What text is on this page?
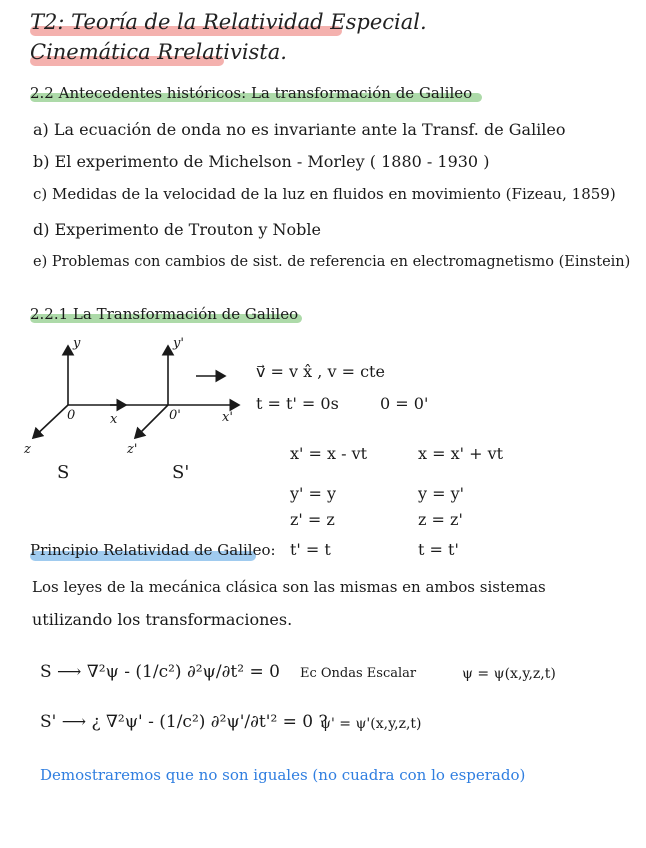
T2: Teoría de la Relatividad Especial.
Cinemática Rrelativista.
2.2 Antecedentes históricos: La transformación de Galileo
a) La ecuación de onda no es invariante ante la Transf. de Galileo
b) El experimento de Michelson - Morley ( 1880 - 1930 )
c) Medidas de la velocidad de la luz en fluidos en movimiento (Fizeau, 1859)
d) Experimento de Trouton y Noble
e) Problemas con cambios de sist. de referencia en electromagnetismo (Einstein)
2.2.1 La Transformación de Galileo
y	y'
0	0'
x	x'
z	z'
S	S'
v⃗ = v x̂ , v = cte
t = t' = 0s	0 = 0'
x' = x - vt	x = x' + vt
y' = y	y = y'
z' = z	z = z'
Principio Relatividad de Galileo: t' = t	t = t'
Los leyes de la mecánica clásica son las mismas en ambos sistemas
utilizando los transformaciones.
S ⟶ ∇²ψ - (1/c²) ∂²ψ/∂t² = 0 Ec Ondas Escalar	ψ = ψ(x,y,z,t)
S' ⟶ ¿ ∇²ψ' - (1/c²) ∂²ψ'/∂t'² = 0 ?
ψ' = ψ'(x,y,z,t)
Demostraremos que no son iguales (no cuadra con lo esperado)
